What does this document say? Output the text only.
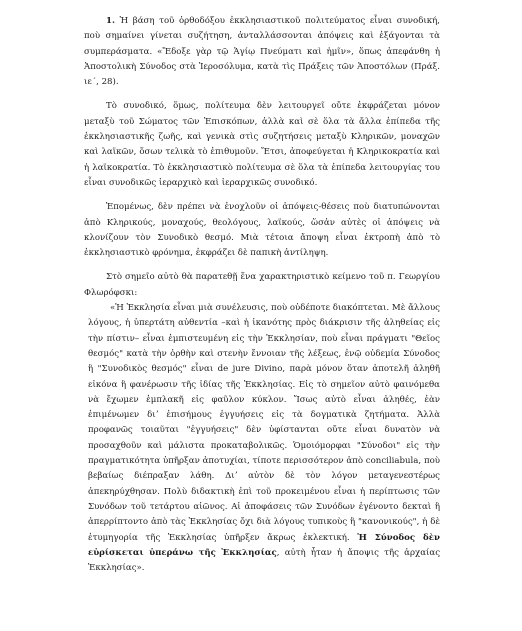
1. Ἡ βάση τοῦ ὀρθοδόξου ἐκκλησιαστικοῦ πολιτεύματος εἶναι συνοδική, ποὺ σημαίνει γίνεται συζήτηση, ἀνταλλάσσονται ἀπόψεις καὶ ἐξάγονται τὰ συμπεράσματα. «Ἔδοξε γὰρ τῷ Ἁγίῳ Πνεύματι καὶ ἡμῖν», ὅπως ἀπεφάνθη ἡ Ἀποστολικὴ Σύνοδος στὰ Ἰεροσόλυμα, κατὰ τὶς Πράξεις τῶν Ἀποστόλων (Πράξ. ιε΄, 28).

Τὸ συνοδικό, ὅμως, πολίτευμα δὲν λειτουργεῖ οὔτε ἐκφράζεται μόνον μεταξὺ τοῦ Σώματος τῶν Ἐπισκόπων, ἀλλὰ καὶ σὲ ὅλα τὰ ἄλλα ἐπίπεδα τῆς ἐκκλησιαστικῆς ζωῆς, καὶ γενικὰ στὶς συζητήσεις μεταξὺ Κληρικῶν, μοναχῶν καὶ λαϊκῶν, ὅσων τελικὰ τὸ ἐπιθυμοῦν. Ἔτσι, ἀποφεύγεται ἡ Κληρικοκρατία καὶ ἡ λαϊκοκρατία. Τὸ ἐκκλησιαστικὸ πολίτευμα σὲ ὅλα τὰ ἐπίπεδα λειτουργίας του εἶναι συνοδικῶς ἱεραρχικὸ καὶ ἱεραρχικῶς συνοδικό.

Ἑπομένως, δὲν πρέπει νὰ ἐνοχλοῦν οἱ ἀπόψεις-θέσεις ποὺ διατυπώνονται ἀπὸ Κληρικούς, μοναχούς, θεολόγους, λαϊκούς, ὥσἀν αὐτὲς οἱ ἀπόψεις νὰ κλονίζουν τὸν Συνοδικὸ θεσμό. Μιὰ τέτοια ἄποψη εἶναι ἐκτροπὴ ἀπὸ τὸ ἐκκλησιαστικὸ φρόνημα, ἐκφράζει δὲ παπικὴ ἀντίληψη.

Στὸ σημεῖο αὐτὸ θὰ παρατεθῇ ἕνα χαρακτηριστικὸ κείμενο τοῦ π. Γεωργίου Φλωρόφσκι:

«Ἡ Ἐκκλησία εἶναι μιὰ συνέλευσις, ποὺ οὐδέποτε διακόπτεται. Μὲ ἄλλους λόγους, ἡ ὑπερτάτη αὐθεντία –καὶ ἡ ἱκανότης πρὸς διάκρισιν τῆς ἀληθείας εἰς τὴν πίστιν– εἶναι ἐμπιστευμένη εἰς τὴν Ἐκκλησίαν, ποὺ εἶναι πράγματι "Θεῖος θεσμός" κατὰ τὴν ὀρθὴν καὶ στενὴν ἔννοιαν τῆς λέξεως, ἐνῷ οὐδεμία Σύνοδος ἢ "Συνοδικὸς θεσμός" εἶναι de jure Divino, παρὰ μόνον ὅταν ἀποτελῆ ἀληθῆ εἰκόνα ἢ φανέρωσιν τῆς ἰδίας τῆς Ἐκκλησίας. Εἰς τὸ σημεῖον αὐτὸ φαινόμεθα νὰ ἔχωμεν ἐμπλακῆ εἰς φαῦλον κύκλον. Ἴσως αὐτὸ εἶναι ἀληθές, ἐὰν ἐπιμένωμεν διʼ ἐπισήμους ἐγγυήσεις εἰς τὰ δογματικὰ ζητήματα. Ἀλλὰ προφανῶς τοιαῦται "ἐγγυήσεις" δὲν ὑφίστανται οὔτε εἶναι δυνατὸν νὰ προσαχθοῦν καὶ μάλιστα προκαταβολικῶς. Ὁμοιόμορφαι "Σύνοδοι" εἰς τὴν πραγματικότητα ὑπῆρξαν ἀποτυχίαι, τίποτε περισσότερον ἀπὸ conciliabula, ποὺ βεβαίως διέπραξαν λάθη. Διʼ αὐτὸν δὲ τὸν λόγον μεταγενεστέρως ἀπεκηρύχθησαν. Πολὺ διδακτικὴ ἐπὶ τοῦ προκειμένου εἶναι ἡ περίπτωσις τῶν Συνόδων τοῦ τετάρτου αἰῶνος. Αἱ ἀποφάσεις τῶν Συνόδων ἐγένοντο δεκταὶ ἢ ἀπερρίπτοντο ἀπὸ τὰς Ἐκκλησίας ὄχι διὰ λόγους τυπικοὺς ἢ "κανονικούς", ἡ δὲ ἐτυμηγορία τῆς Ἐκκλησίας ὑπῆρξεν ἄκρως ἐκλεκτική. Ἡ Σύνοδος δὲν εὑρίσκεται ὑπεράνω τῆς Ἐκκλησίας, αὐτὴ ἦταν ἡ ἄποψις τῆς ἀρχαίας Ἐκκλησίας».
